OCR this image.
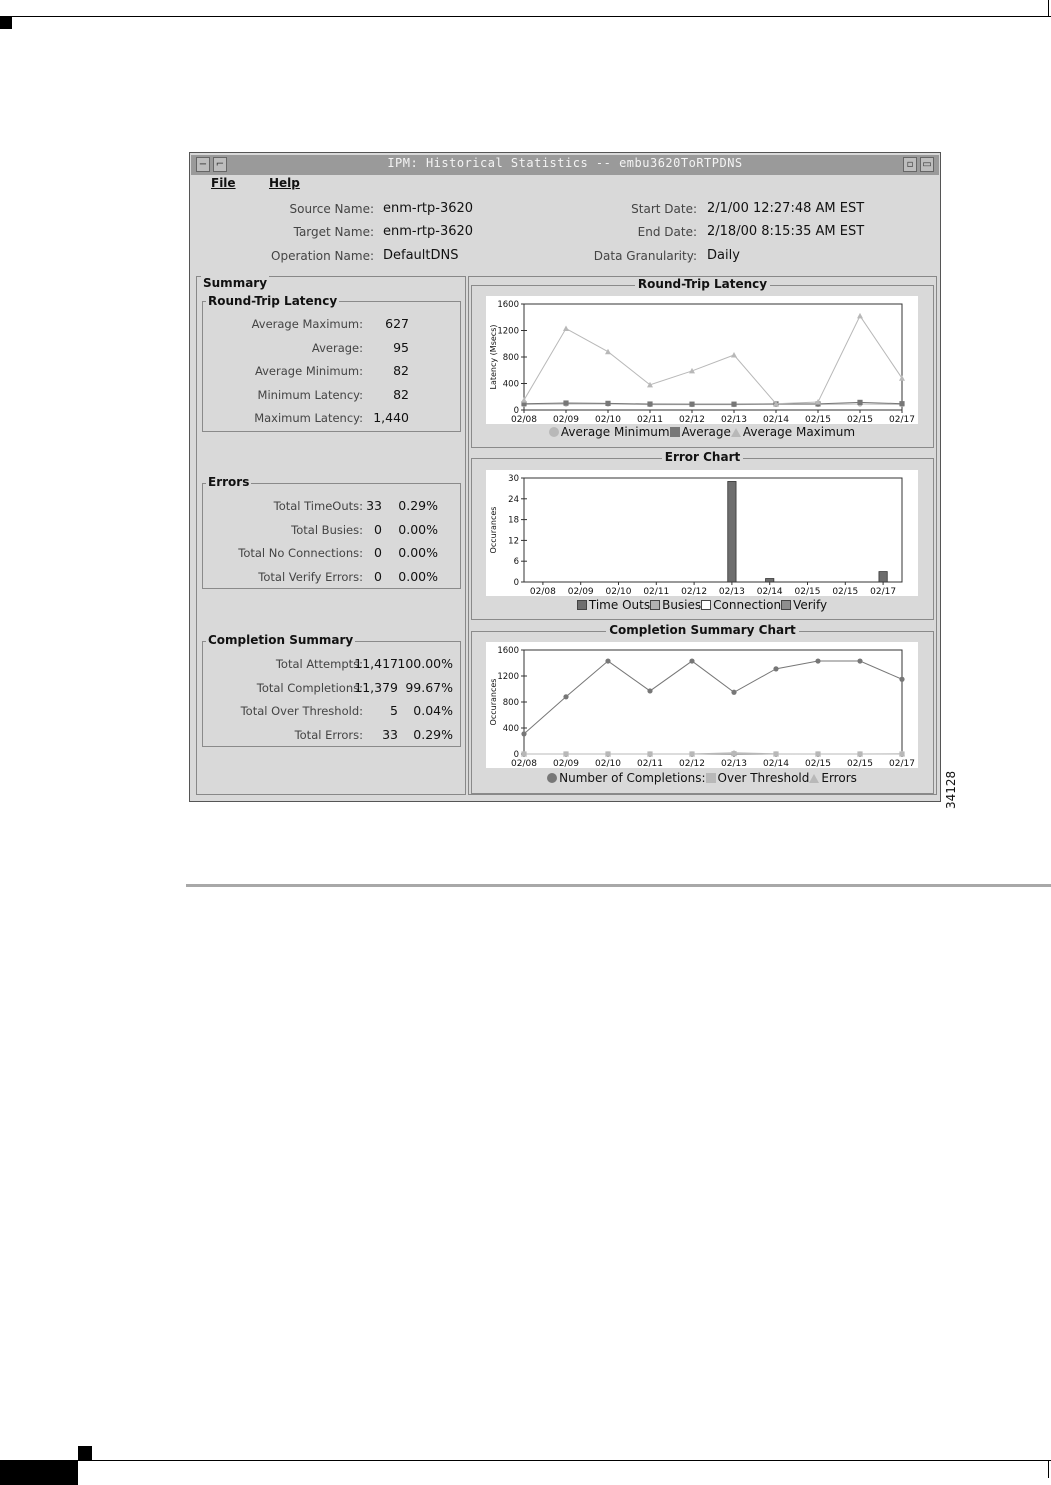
34128
− ⌐	IPM: Historical Statistics -- embu3620ToRTPDNS	▫ ▭
File	Help
Source Name: enm-rtp-3620
Target Name: enm-rtp-3620
Operation Name: DefaultDNS
Start Date: 2/1/00 12:27:48 AM EST
End Date: 2/18/00 8:15:35 AM EST
Data Granularity: Daily
Summary
Round-Trip Latency
Average Maximum:	627
Average:	95
Average Minimum:	82
Minimum Latency:	82
Maximum Latency: 1,440
Errors
Total TimeOuts: 33	0.29%
Total Busies: 0	0.00%
Total No Connections: 0	0.00%
Total Verify Errors: 0	0.00%
Completion Summary
Total Attempts:
11,417 100.00%
Total Completions:
11,379 99.67%
Total Over Threshold:	5	0.04%
Total Errors:	33	0.29%
Round-Trip Latency
0
400
800
1200
1600
02/08 02/09 02/10 02/11 02/12 02/13 02/14 02/15 02/15 02/17
Latency (Msecs)
Average Minimum Average Average Maximum
Error Chart
0
6
12
18
24
30
02/08 02/09 02/10 02/11 02/12 02/13 02/14 02/15 02/15 02/17
Occurances
Time Outs Busies Connection Verify
Completion Summary Chart
0
400
800
1200
1600
02/08 02/09 02/10 02/11 02/12 02/13 02/14 02/15 02/15 02/17
Occurances
Number of Completions: Over Threshold Errors
